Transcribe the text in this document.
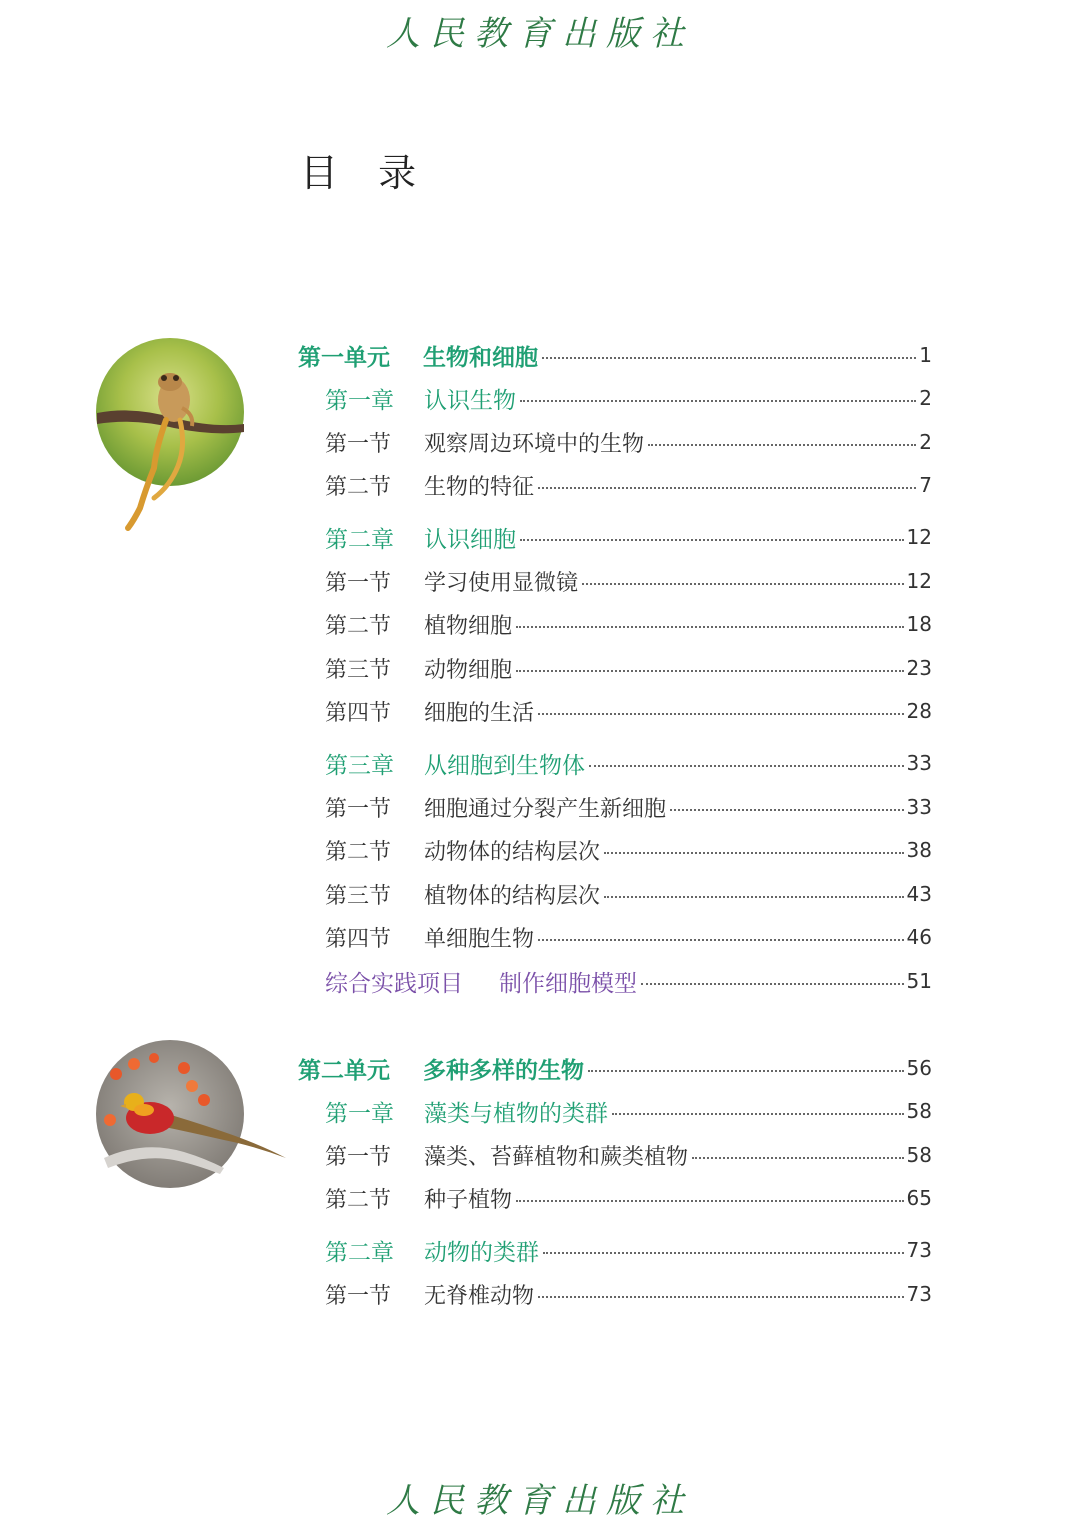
人民教育出版社
目 录
第一单元	生物和细胞	1
第一章	认识生物	2
第一节	观察周边环境中的生物	2
第二节	生物的特征	7
第二章	认识细胞	12
第一节	学习使用显微镜	12
第二节	植物细胞	18
第三节	动物细胞	23
第四节	细胞的生活	28
第三章	从细胞到生物体	33
第一节	细胞通过分裂产生新细胞	33
第二节	动物体的结构层次	38
第三节	植物体的结构层次	43
第四节	单细胞生物	46
综合实践项目	制作细胞模型	51
第二单元	多种多样的生物	56
第一章	藻类与植物的类群	58
第一节	藻类、苔藓植物和蕨类植物	58
第二节	种子植物	65
第二章	动物的类群	73
第一节	无脊椎动物	73
人民教育出版社
